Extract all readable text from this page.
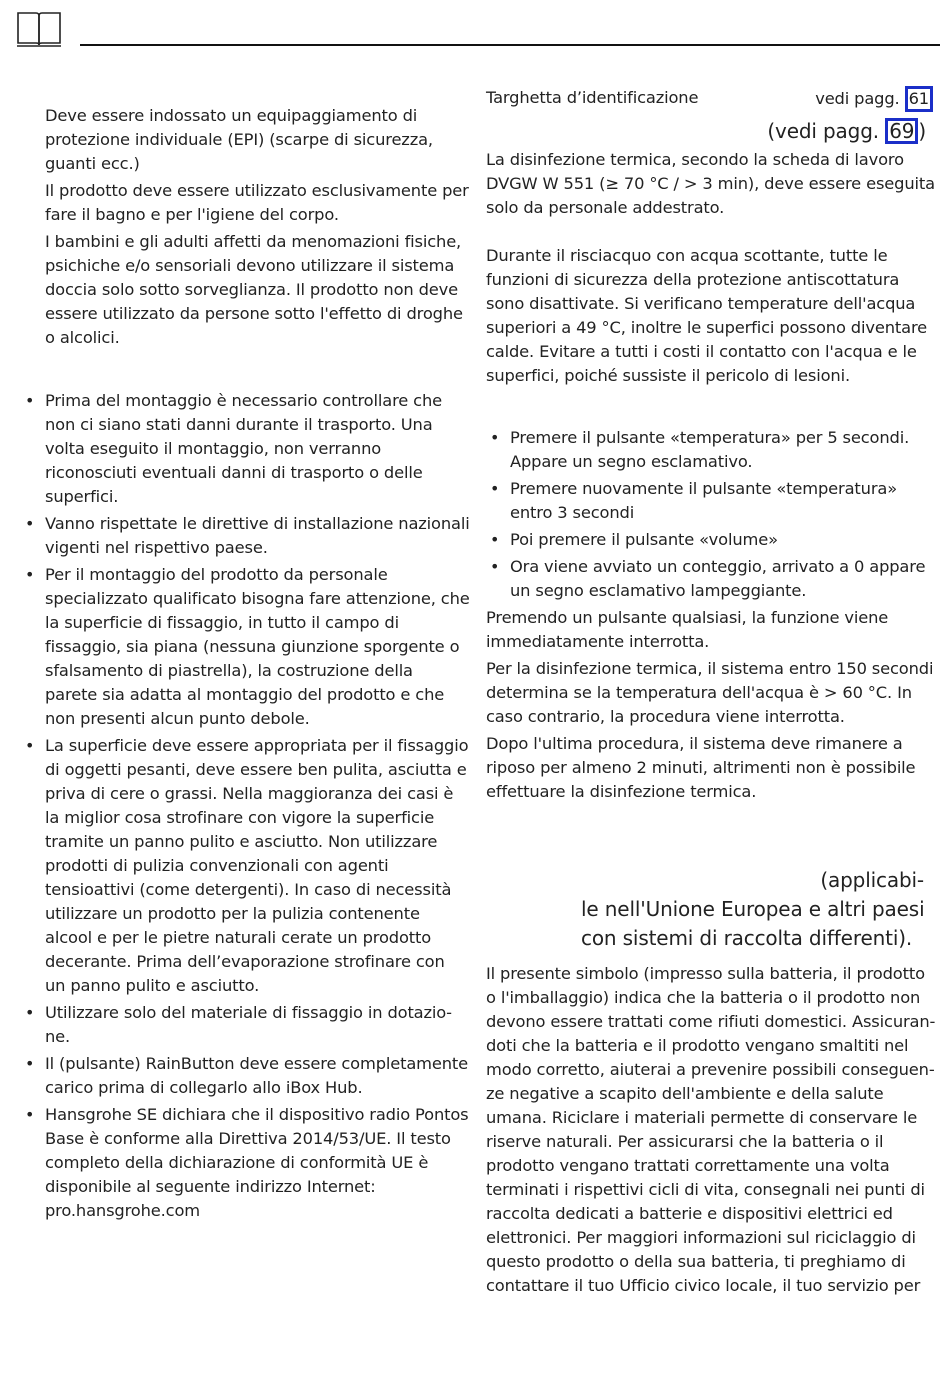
Deve essere indossato un equipaggiamento di protezione individuale (EPI) (scarpe di sicurezza, guanti ecc.)

Il prodotto deve essere utilizzato esclusivamente per fare il bagno e per l'igiene del corpo.

I bambini e gli adulti affetti da menomazioni fisiche, psichiche e/o sensoriali devono utilizzare il sistema doccia solo sotto sorveglianza. Il prodotto non deve essere utilizzato da persone sotto l'effetto di droghe o alcolici.

• Prima del montaggio è necessario controllare che non ci siano stati danni durante il trasporto. Una volta eseguito il montaggio, non verranno riconosciuti eventuali danni di trasporto o delle superfici.
• Vanno rispettate le direttive di installazione nazionali vigenti nel rispettivo paese.
• Per il montaggio del prodotto da personale specializzato qualificato bisogna fare attenzione, che la superficie di fissaggio, in tutto il campo di fissaggio, sia piana (nessuna giunzione sporgente o sfalsamento di piastrella), la costruzione della parete sia adatta al montaggio del prodotto e che non presenti alcun punto debole.
• La superficie deve essere appropriata per il fissaggio di oggetti pesanti, deve essere ben pulita, asciutta e priva di cere o grassi. Nella maggioranza dei casi è la miglior cosa strofinare con vigore la superficie tramite un panno pulito e asciutto. Non utilizzare prodotti di pulizia convenzionali con agenti tensioattivi (come detergenti). In caso di necessità utilizzare un prodotto per la pulizia contenente alcool e per le pietre naturali cerate un prodotto decerante. Prima dell’evaporazione strofinare con un panno pulito e asciutto.
• Utilizzare solo del materiale di fissaggio in dotazione.
• Il (pulsante) RainButton deve essere completamente carico prima di collegarlo allo iBox Hub.
• Hansgrohe SE dichiara che il dispositivo radio Pontos Base è conforme alla Direttiva 2014/53/UE. Il testo completo della dichiarazione di conformità UE è disponibile al seguente indirizzo Internet: pro.hansgrohe.com
Targhetta d’identificazione	vedi pagg. 61
(vedi pagg. 69 )

La disinfezione termica, secondo la scheda di lavoro DVGW W 551 (≥ 70 °C / > 3 min), deve essere eseguita solo da personale addestrato.

Durante il risciacquo con acqua scottante, tutte le funzioni di sicurezza della protezione antiscottatura sono disattivate. Si verificano temperature dell'acqua superiori a 49 °C, inoltre le superfici possono diventare calde. Evitare a tutti i costi il contatto con l'acqua e le superfici, poiché sussiste il pericolo di lesioni.

• Premere il pulsante «temperatura» per 5 secondi. Appare un segno esclamativo.
• Premere nuovamente il pulsante «temperatura» entro 3 secondi
• Poi premere il pulsante «volume»
• Ora viene avviato un conteggio, arrivato a 0 appare un segno esclamativo lampeggiante.

Premendo un pulsante qualsiasi, la funzione viene immediatamente interrotta.

Per la disinfezione termica, il sistema entro 150 secondi determina se la temperatura dell'acqua è > 60 °C. In caso contrario, la procedura viene interrotta.

Dopo l'ultima procedura, il sistema deve rimanere a riposo per almeno 2 minuti, altrimenti non è possibile effettuare la disinfezione termica.

(applicabi-
le nell'Unione Europea e altri paesi
con sistemi di raccolta differenti).

Il presente simbolo (impresso sulla batteria, il prodotto o l'imballaggio) indica che la batteria o il prodotto non devono essere trattati come rifiuti domestici. Assicurandoti che la batteria e il prodotto vengano smaltiti nel modo corretto, aiuterai a prevenire possibili conseguenze negative a scapito dell'ambiente e della salute umana. Riciclare i materiali permette di conservare le riserve naturali. Per assicurarsi che la batteria o il prodotto vengano trattati correttamente una volta terminati i rispettivi cicli di vita, consegnali nei punti di raccolta dedicati a batterie e dispositivi elettrici ed elettronici. Per maggiori informazioni sul riciclaggio di questo prodotto o della sua batteria, ti preghiamo di contattare il tuo Ufficio civico locale, il tuo servizio per
